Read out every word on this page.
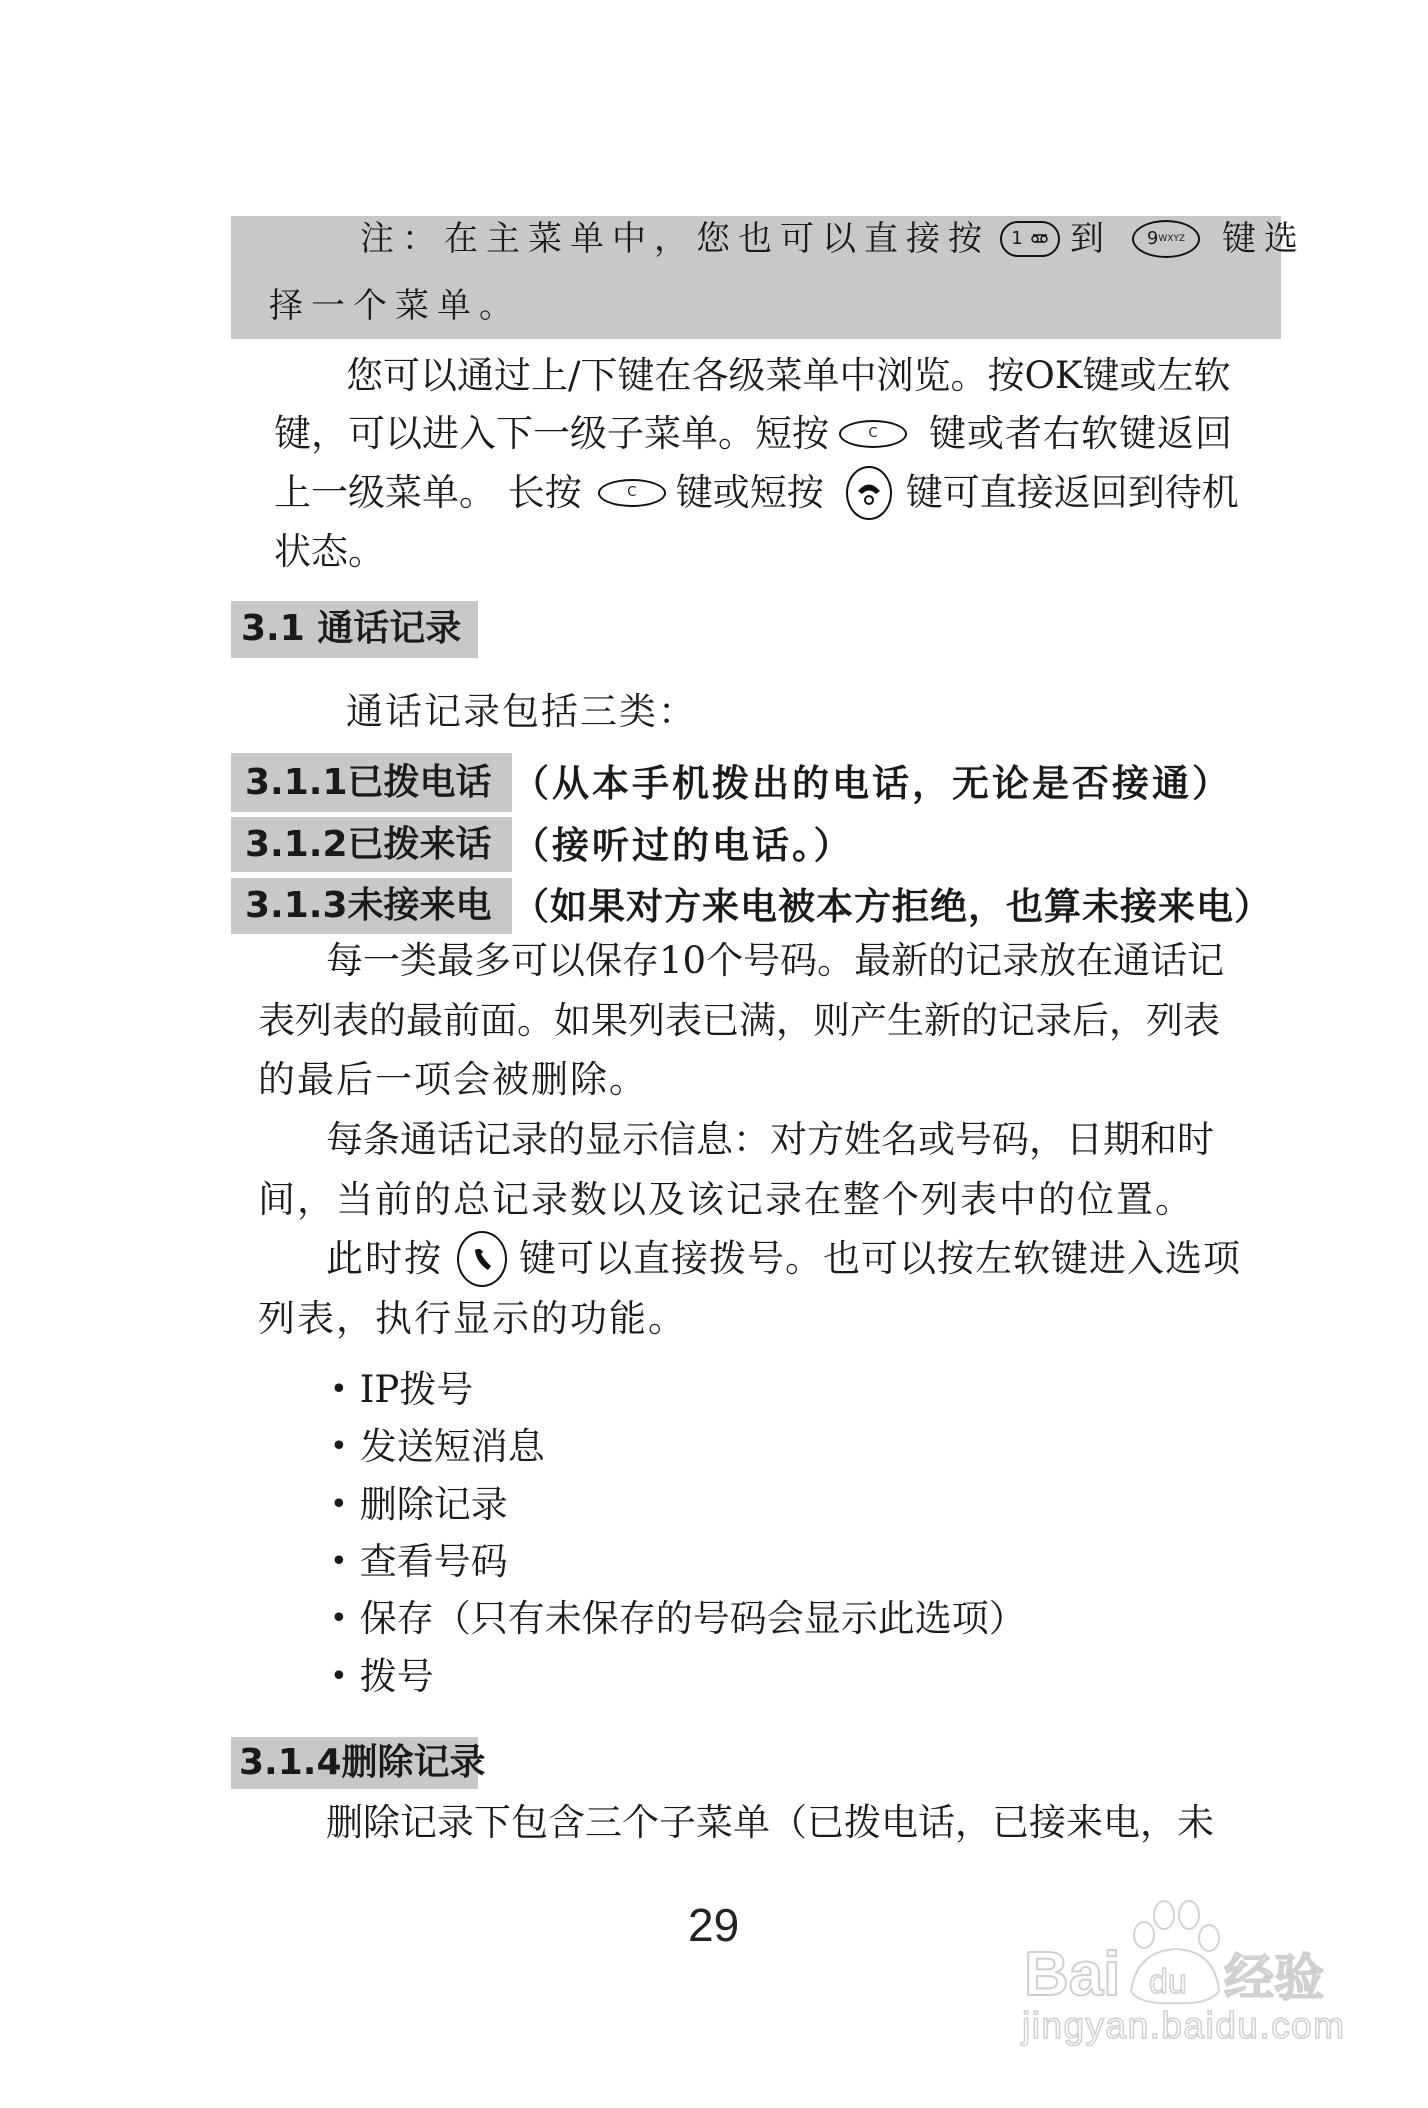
注：在主菜单中，您也可以直接按 1 到 9 WXYZ 键选
择一个菜单。
您可以通过上/下键在各级菜单中浏览。按OK键或左软
键，可以进入下一级子菜单。短按	C	键或者右软键返回
上一级菜单。 长按	C	键或短按 键可直接返回到待机
状态。
3.1 通话记录
通话记录包括三类：
3.1.1已拨电话 （从本手机拨出的电话，无论是否接通）
3.1.2已拨来话 （接听过的电话。）
3.1.3未接来电 （如果对方来电被本方拒绝，也算未接来电）
每一类最多可以保存10个号码。最新的记录放在通话记
表列表的最前面。如果列表已满，则产生新的记录后，列表
的最后一项会被删除。
每条通话记录的显示信息：对方姓名或号码，日期和时
间，当前的总记录数以及该记录在整个列表中的位置。
此时按 键可以直接拨号。也可以按左软键进入选项
列表，执行显示的功能。
• IP拨号
• 发送短消息
• 删除记录
• 查看号码
• 保存（只有未保存的号码会显示此选项）
• 拨号
3.1.4删除记录
删除记录下包含三个子菜单（已拨电话，已接来电，未
29
Bai du 经验
jingyan.baidu.com
